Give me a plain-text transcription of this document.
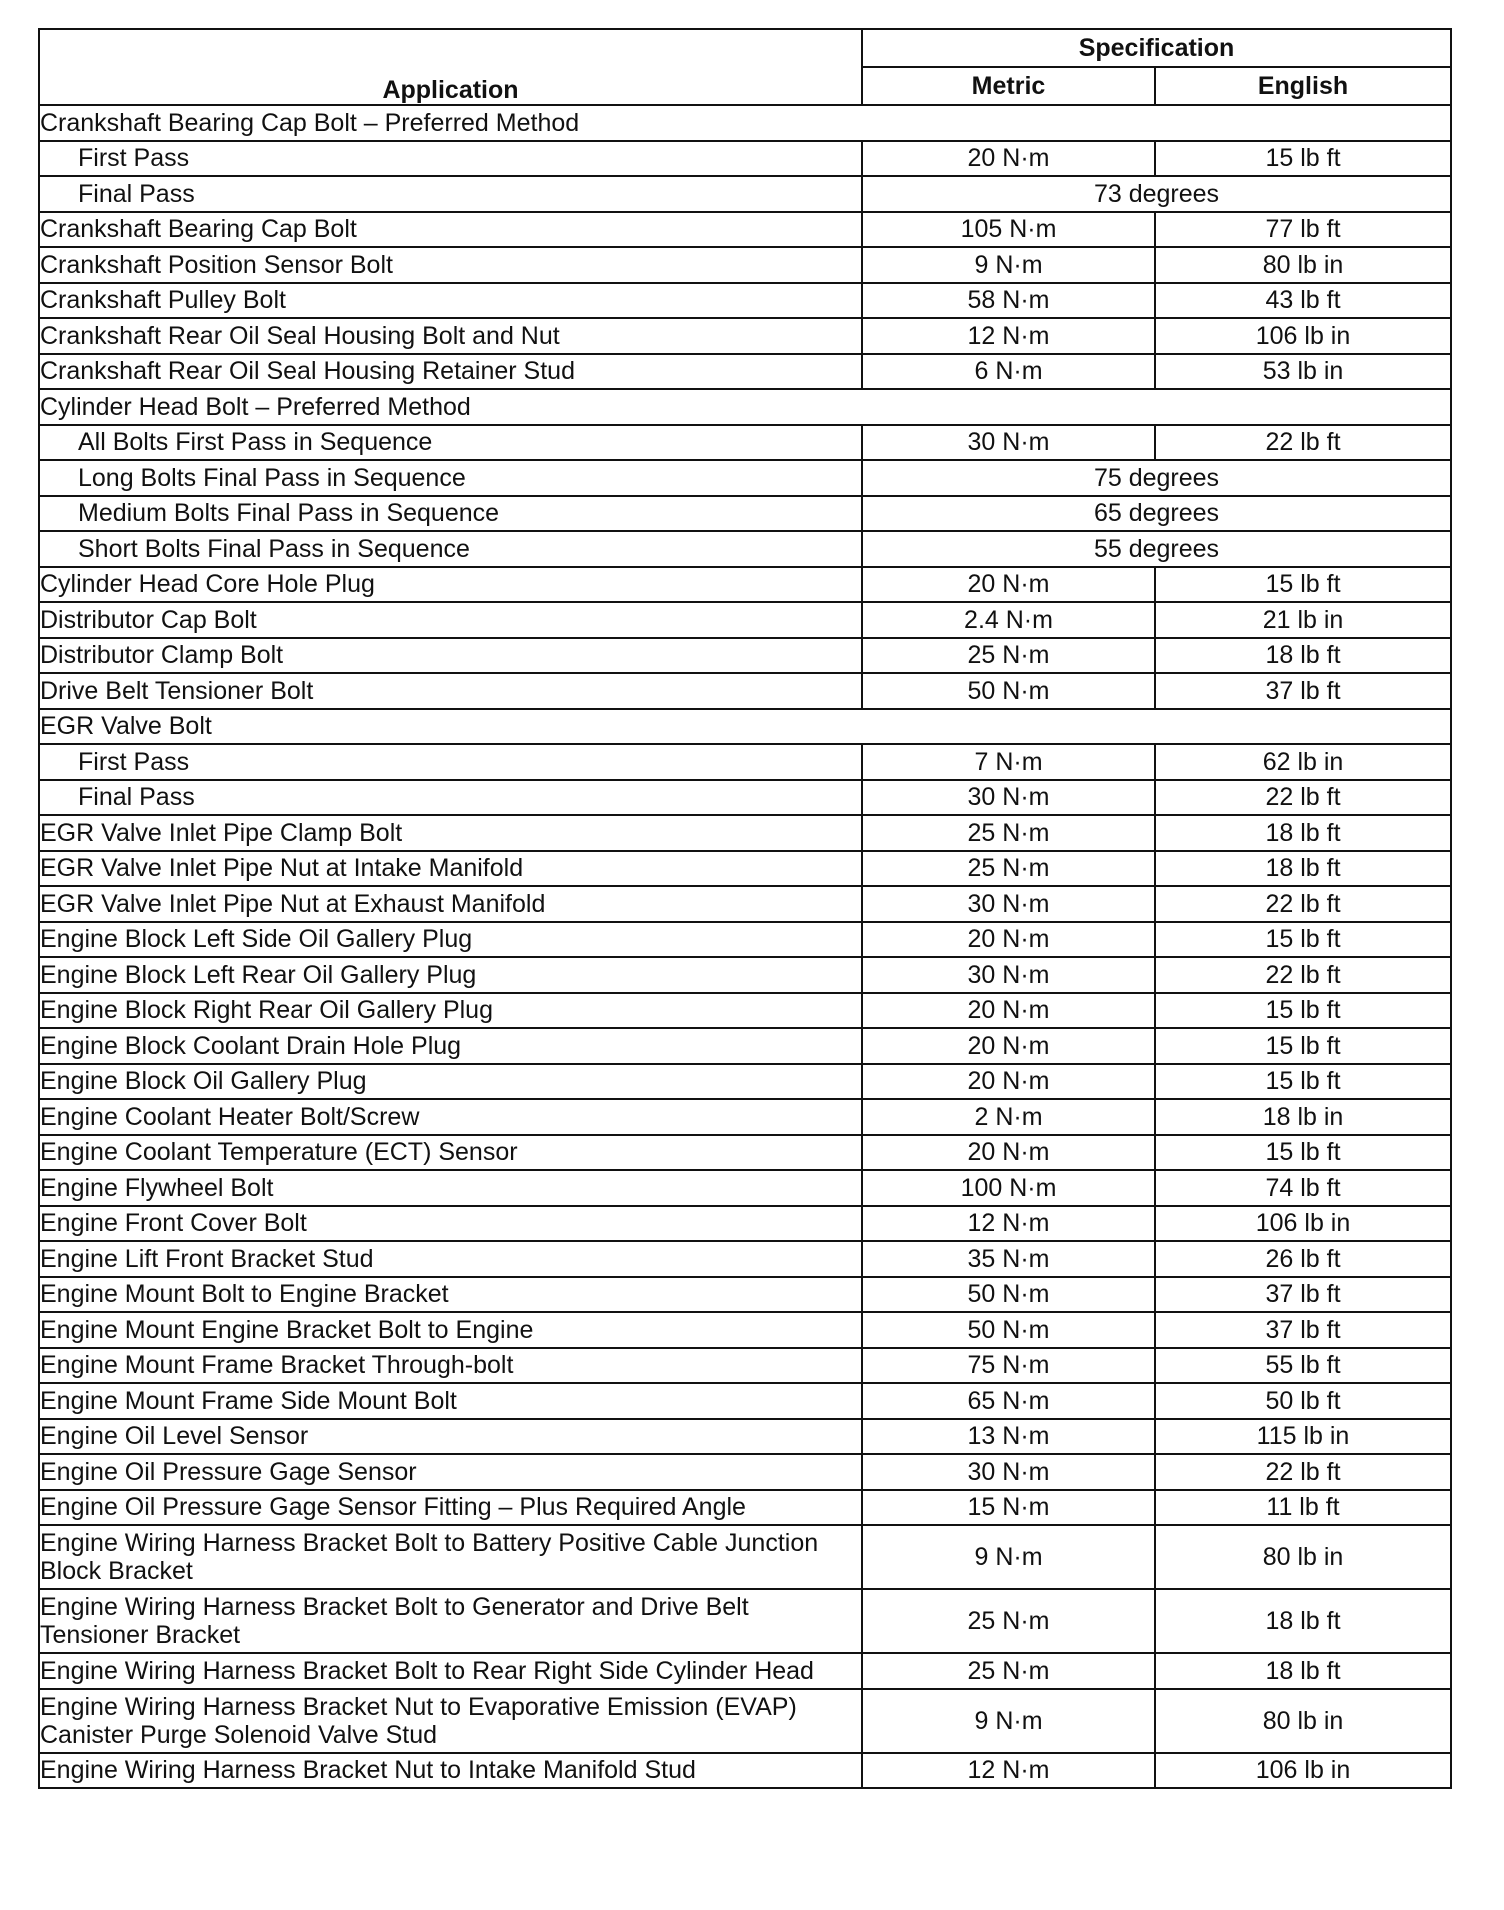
Application	Specification	
	Metric	English
Crankshaft Bearing Cap Bolt – Preferred Method		
First Pass	20 N·m	15 lb ft
Final Pass	73 degrees	
Crankshaft Bearing Cap Bolt	105 N·m	77 lb ft
Crankshaft Position Sensor Bolt	9 N·m	80 lb in
Crankshaft Pulley Bolt	58 N·m	43 lb ft
Crankshaft Rear Oil Seal Housing Bolt and Nut	12 N·m	106 lb in
Crankshaft Rear Oil Seal Housing Retainer Stud	6 N·m	53 lb in
Cylinder Head Bolt – Preferred Method		
All Bolts First Pass in Sequence	30 N·m	22 lb ft
Long Bolts Final Pass in Sequence	75 degrees	
Medium Bolts Final Pass in Sequence	65 degrees	
Short Bolts Final Pass in Sequence	55 degrees	
Cylinder Head Core Hole Plug	20 N·m	15 lb ft
Distributor Cap Bolt	2.4 N·m	21 lb in
Distributor Clamp Bolt	25 N·m	18 lb ft
Drive Belt Tensioner Bolt	50 N·m	37 lb ft
EGR Valve Bolt		
First Pass	7 N·m	62 lb in
Final Pass	30 N·m	22 lb ft
EGR Valve Inlet Pipe Clamp Bolt	25 N·m	18 lb ft
EGR Valve Inlet Pipe Nut at Intake Manifold	25 N·m	18 lb ft
EGR Valve Inlet Pipe Nut at Exhaust Manifold	30 N·m	22 lb ft
Engine Block Left Side Oil Gallery Plug	20 N·m	15 lb ft
Engine Block Left Rear Oil Gallery Plug	30 N·m	22 lb ft
Engine Block Right Rear Oil Gallery Plug	20 N·m	15 lb ft
Engine Block Coolant Drain Hole Plug	20 N·m	15 lb ft
Engine Block Oil Gallery Plug	20 N·m	15 lb ft
Engine Coolant Heater Bolt/Screw	2 N·m	18 lb in
Engine Coolant Temperature (ECT) Sensor	20 N·m	15 lb ft
Engine Flywheel Bolt	100 N·m	74 lb ft
Engine Front Cover Bolt	12 N·m	106 lb in
Engine Lift Front Bracket Stud	35 N·m	26 lb ft
Engine Mount Bolt to Engine Bracket	50 N·m	37 lb ft
Engine Mount Engine Bracket Bolt to Engine	50 N·m	37 lb ft
Engine Mount Frame Bracket Through-bolt	75 N·m	55 lb ft
Engine Mount Frame Side Mount Bolt	65 N·m	50 lb ft
Engine Oil Level Sensor	13 N·m	115 lb in
Engine Oil Pressure Gage Sensor	30 N·m	22 lb ft
Engine Oil Pressure Gage Sensor Fitting – Plus Required Angle	15 N·m	11 lb ft
Engine Wiring Harness Bracket Bolt to Battery Positive Cable Junction Block Bracket	9 N·m	80 lb in
Engine Wiring Harness Bracket Bolt to Generator and Drive Belt Tensioner Bracket	25 N·m	18 lb ft
Engine Wiring Harness Bracket Bolt to Rear Right Side Cylinder Head	25 N·m	18 lb ft
Engine Wiring Harness Bracket Nut to Evaporative Emission (EVAP) Canister Purge Solenoid Valve Stud	9 N·m	80 lb in
Engine Wiring Harness Bracket Nut to Intake Manifold Stud	12 N·m	106 lb in
